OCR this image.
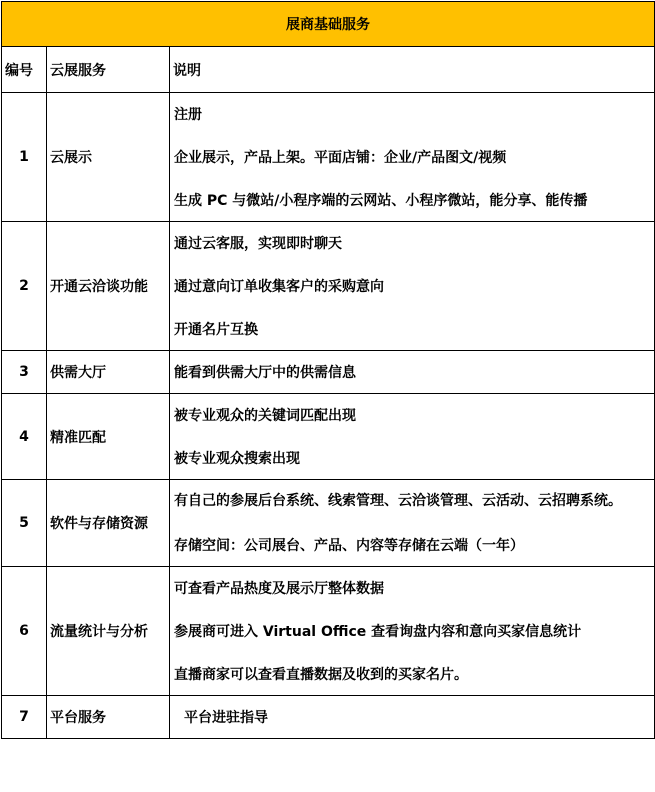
展商基础服务		
编号	云展服务	说明
1	云展示	注册
企业展示，产品上架。平面店铺：企业/产品图文/视频
生成 PC 与微站/小程序端的云网站、小程序微站，能分享、能传播

2	开通云洽谈功能	通过云客服，实现即时聊天
通过意向订单收集客户的采购意向
开通名片互换

3	供需大厅	能看到供需大厅中的供需信息

4	精准匹配	被专业观众的关键词匹配出现
被专业观众搜索出现

5	软件与存储资源	有自己的参展后台系统、线索管理、云洽谈管理、云活动、云招聘系统。
存储空间：公司展台、产品、内容等存储在云端（一年）

6	流量统计与分析	可查看产品热度及展示厅整体数据
参展商可进入 Virtual Office 查看询盘内容和意向买家信息统计
直播商家可以查看直播数据及收到的买家名片。

7	平台服务	平台进驻指导
